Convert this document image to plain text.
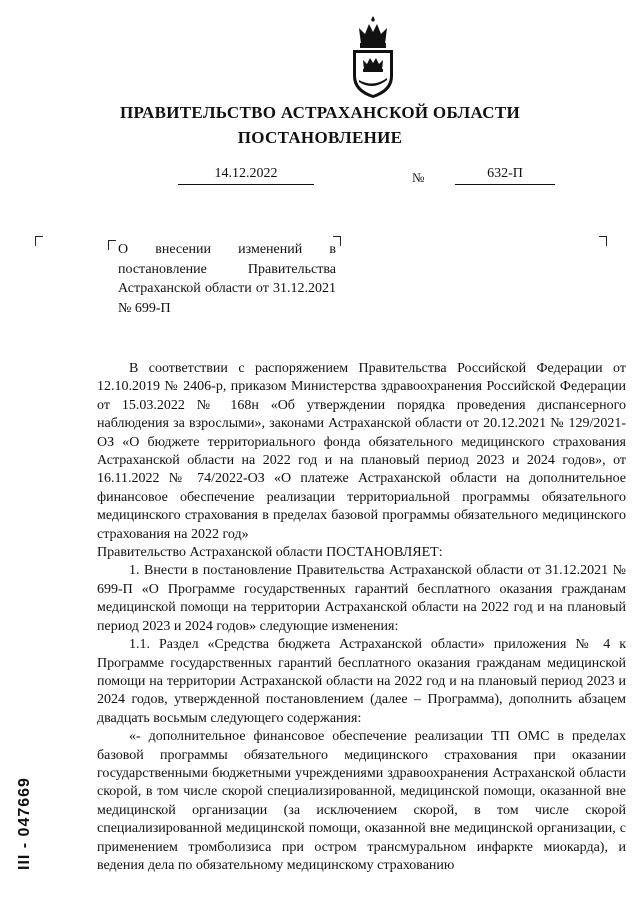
ПРАВИТЕЛЬСТВО АСТРАХАНСКОЙ ОБЛАСТИ
ПОСТАНОВЛЕНИЕ
14.12.2022	№	632-П
О внесении изменений в постановление Правительства Астраханской области от 31.12.2021 № 699-П

В соответствии с распоряжением Правительства Российской Федерации от 12.10.2019 № 2406-р, приказом Министерства здравоохранения Российской Федерации от 15.03.2022 № 168н «Об утверждении порядка проведения диспансерного наблюдения за взрослыми», законами Астраханской области от 20.12.2021 № 129/2021-ОЗ «О бюджете территориального фонда обязательного медицинского страхования Астраханской области на 2022 год и на плановый период 2023 и 2024 годов», от 16.11.2022 № 74/2022-ОЗ «О платеже Астраханской области на дополнительное финансовое обеспечение реализации территориальной программы обязательного медицинского страхования в пределах базовой программы обязательного медицинского страхования на 2022 год»

Правительство Астраханской области ПОСТАНОВЛЯЕТ:

1. Внести в постановление Правительства Астраханской области от 31.12.2021 № 699-П «О Программе государственных гарантий бесплатного оказания гражданам медицинской помощи на территории Астраханской области на 2022 год и на плановый период 2023 и 2024 годов» следующие изменения:

1.1. Раздел «Средства бюджета Астраханской области» приложения № 4 к Программе государственных гарантий бесплатного оказания гражданам медицинской помощи на территории Астраханской области на 2022 год и на плановый период 2023 и 2024 годов, утвержденной постановлением (далее – Программа), дополнить абзацем двадцать восьмым следующего содержания:

«- дополнительное финансовое обеспечение реализации ТП ОМС в пределах базовой программы обязательного медицинского страхования при оказании государственными бюджетными учреждениями здравоохранения Астраханской области скорой, в том числе скорой специализированной, медицинской помощи, оказанной вне медицинской организации (за исключением скорой, в том числе скорой специализированной медицинской помощи, оказанной вне медицинской организации, с применением тромболизиса при остром трансмуральном инфаркте миокарда), и ведения дела по обязательному медицинскому страхованию

III - 047669
